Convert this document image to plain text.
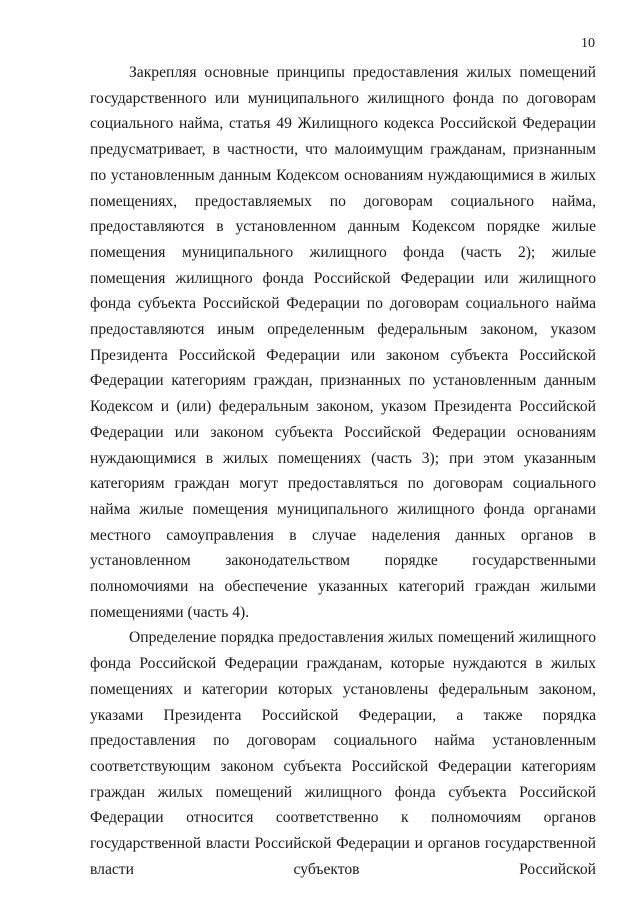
10

Закрепляя основные принципы предоставления жилых помещений государственного или муниципального жилищного фонда по договорам социального найма, статья 49 Жилищного кодекса Российской Федерации предусматривает, в частности, что малоимущим гражданам, признанным по установленным данным Кодексом основаниям нуждающимися в жилых помещениях, предоставляемых по договорам социального найма, предоставляются в установленном данным Кодексом порядке жилые помещения муниципального жилищного фонда (часть 2); жилые помещения жилищного фонда Российской Федерации или жилищного фонда субъекта Российской Федерации по договорам социального найма предоставляются иным определенным федеральным законом, указом Президента Российской Федерации или законом субъекта Российской Федерации категориям граждан, признанных по установленным данным Кодексом и (или) федеральным законом, указом Президента Российской Федерации или законом субъекта Российской Федерации основаниям нуждающимися в жилых помещениях (часть 3); при этом указанным категориям граждан могут предоставляться по договорам социального найма жилые помещения муниципального жилищного фонда органами местного самоуправления в случае наделения данных органов в установленном законодательством порядке государственными полномочиями на обеспечение указанных категорий граждан жилыми помещениями (часть 4).

Определение порядка предоставления жилых помещений жилищного фонда Российской Федерации гражданам, которые нуждаются в жилых помещениях и категории которых установлены федеральным законом, указами Президента Российской Федерации, а также порядка предоставления по договорам социального найма установленным соответствующим законом субъекта Российской Федерации категориям граждан жилых помещений жилищного фонда субъекта Российской Федерации относится соответственно к полномочиям органов государственной власти Российской Федерации и органов государственной власти субъектов Российской
